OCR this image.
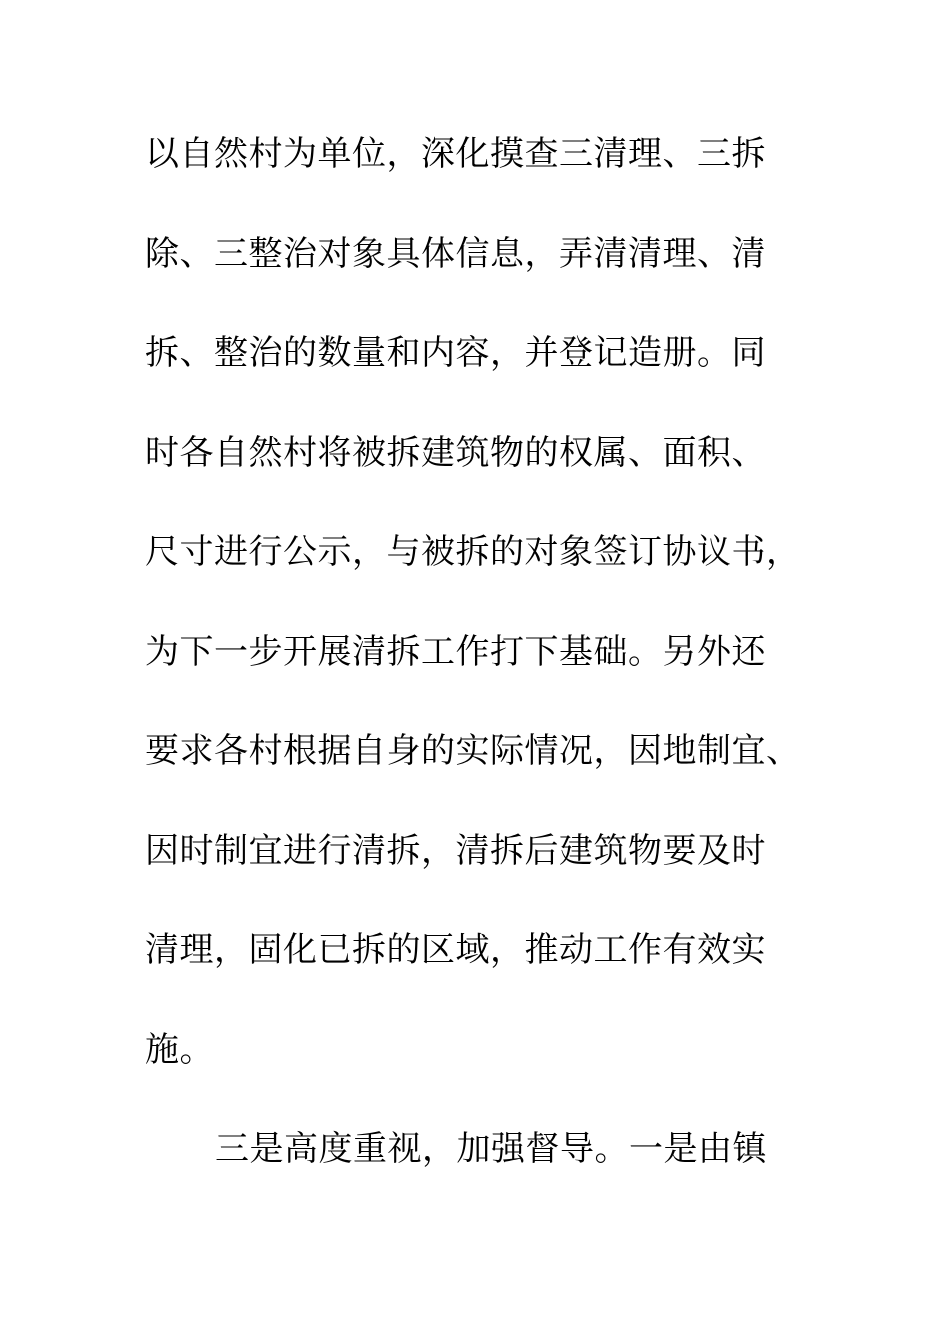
以自然村为单位，深化摸查三清理、三拆
除、三整治对象具体信息，弄清清理、清
拆、整治的数量和内容，并登记造册。同
时各自然村将被拆建筑物的权属、面积、
尺寸进行公示，与被拆的对象签订协议书，
为下一步开展清拆工作打下基础。另外还
要求各村根据自身的实际情况，因地制宜、
因时制宜进行清拆，清拆后建筑物要及时
清理，固化已拆的区域，推动工作有效实
施。
三是高度重视，加强督导。一是由镇
